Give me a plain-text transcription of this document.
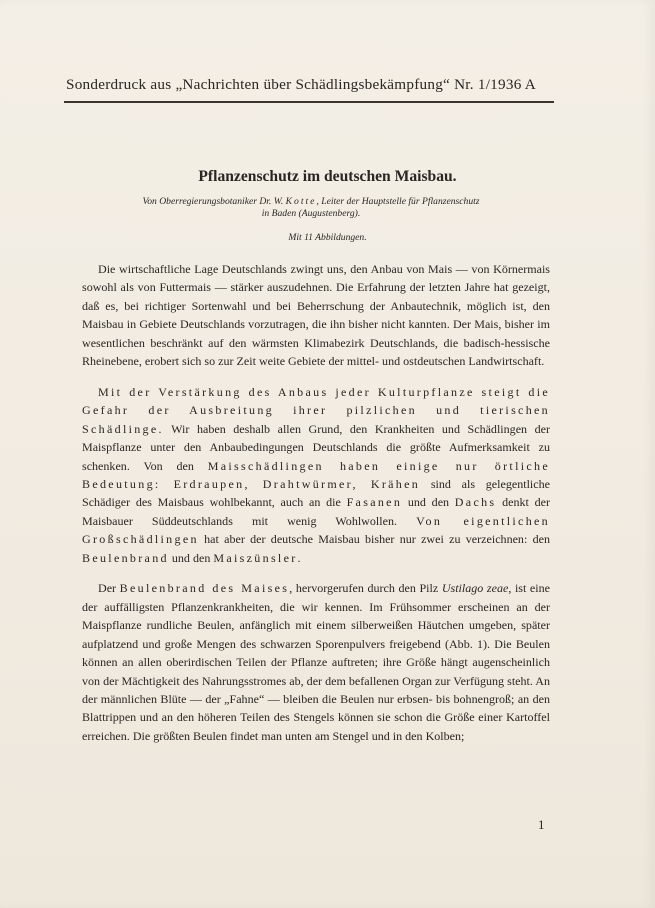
Sonderdruck aus „Nachrichten über Schädlingsbekämpfung“ Nr. 1/1936 A
Pflanzenschutz im deutschen Maisbau.
Von Oberregierungsbotaniker Dr. W. Kotte, Leiter der Hauptstelle für Pflanzenschutz
in Baden (Augustenberg).
Mit 11 Abbildungen.

Die wirtschaftliche Lage Deutschlands zwingt uns, den Anbau von Mais — von Körnermais sowohl als von Futtermais — stärker auszudehnen. Die Erfahrung der letzten Jahre hat gezeigt, daß es, bei richtiger Sortenwahl und bei Beherrschung der Anbautechnik, möglich ist, den Maisbau in Gebiete Deutschlands vorzutragen, die ihn bisher nicht kannten. Der Mais, bisher im wesentlichen beschränkt auf den wärmsten Klimabezirk Deutschlands, die badisch-hessische Rheinebene, erobert sich so zur Zeit weite Gebiete der mittel- und ostdeutschen Landwirtschaft.

Mit der Verstärkung des Anbaus jeder Kulturpflanze steigt die Gefahr der Ausbreitung ihrer pilzlichen und tierischen Schädlinge. Wir haben deshalb allen Grund, den Krankheiten und Schädlingen der Maispflanze unter den Anbaubedingungen Deutschlands die größte Aufmerksamkeit zu schenken. Von den Maisschädlingen haben einige nur örtliche Bedeutung: Erdraupen, Drahtwürmer, Krähen sind als gelegentliche Schädiger des Maisbaus wohlbekannt, auch an die Fasanen und den Dachs denkt der Maisbauer Süddeutschlands mit wenig Wohlwollen. Von eigentlichen Großschädlingen hat aber der deutsche Maisbau bisher nur zwei zu verzeichnen: den Beulenbrand und den Maiszünsler.

Der Beulenbrand des Maises, hervorgerufen durch den Pilz Ustilago zeae, ist eine der auffälligsten Pflanzenkrankheiten, die wir kennen. Im Frühsommer erscheinen an der Maispflanze rundliche Beulen, anfänglich mit einem silberweißen Häutchen umgeben, später aufplatzend und große Mengen des schwarzen Sporenpulvers freigebend (Abb. 1). Die Beulen können an allen oberirdischen Teilen der Pflanze auftreten; ihre Größe hängt augenscheinlich von der Mächtigkeit des Nahrungsstromes ab, der dem befallenen Organ zur Verfügung steht. An der männlichen Blüte — der „Fahne“ — bleiben die Beulen nur erbsen- bis bohnengroß; an den Blattrippen und an den höheren Teilen des Stengels können sie schon die Größe einer Kartoffel erreichen. Die größten Beulen findet man unten am Stengel und in den Kolben;

1
